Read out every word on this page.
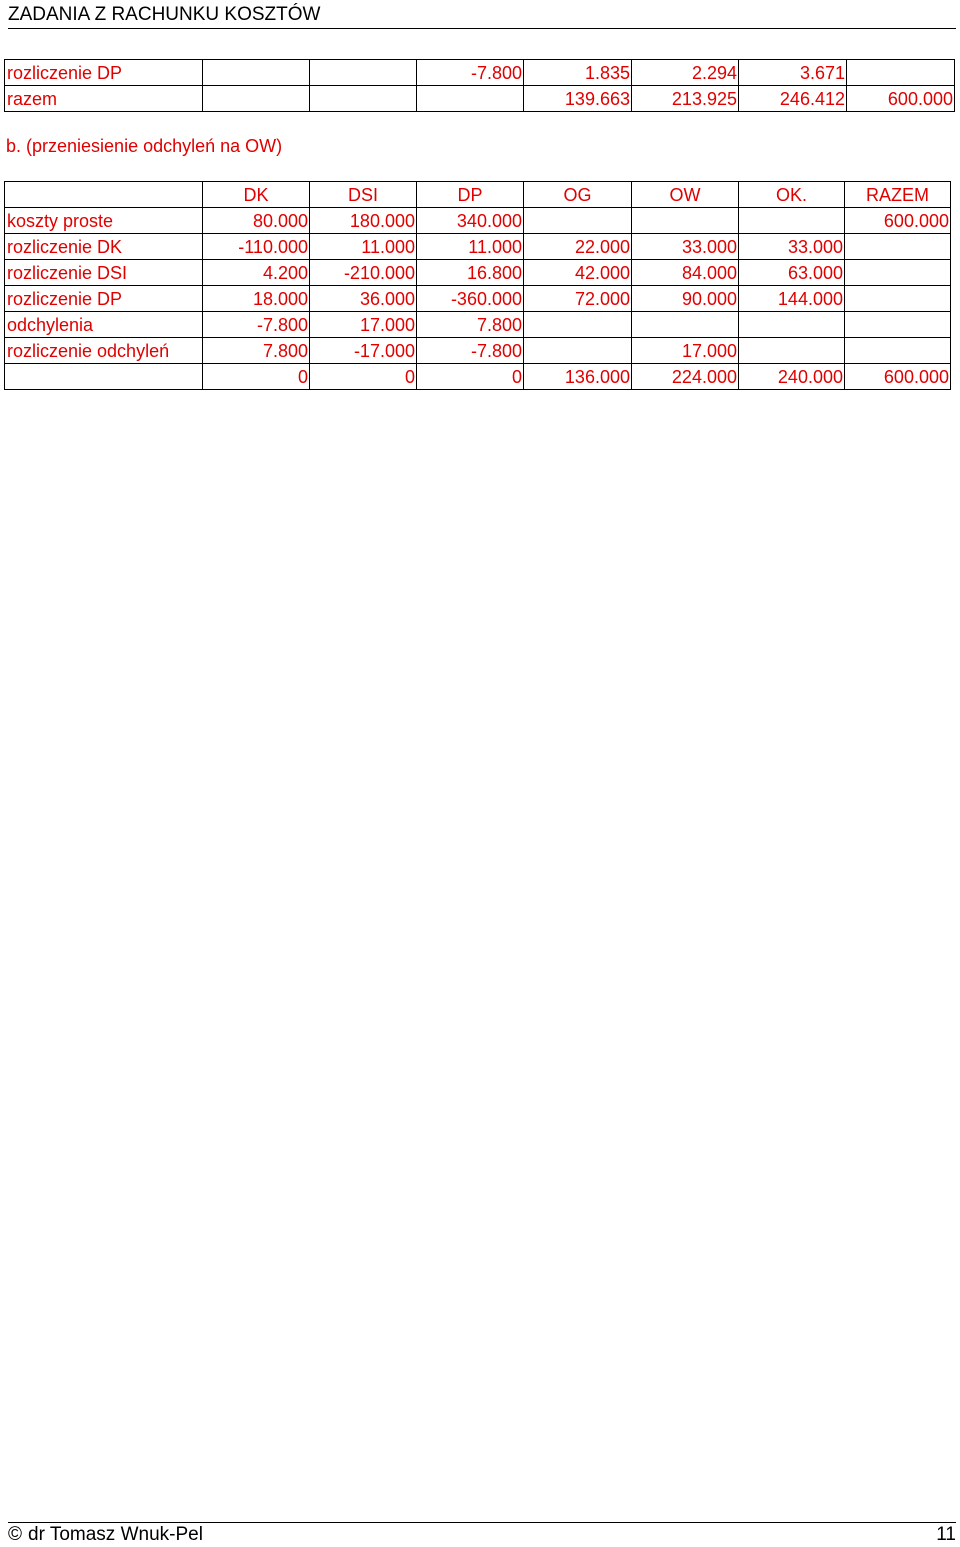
ZADANIA Z RACHUNKU KOSZTÓW
rozliczenie DP			-7.800	1.835	2.294	3.671	
razem				139.663	213.925	246.412	600.000
b. (przeniesienie odchyleń na OW)
	DK	DSI	DP	OG	OW	OK.	RAZEM
koszty proste	80.000	180.000	340.000				600.000
rozliczenie DK	-110.000	11.000	11.000	22.000	33.000	33.000	
rozliczenie DSI	4.200	-210.000	16.800	42.000	84.000	63.000	
rozliczenie DP	18.000	36.000	-360.000	72.000	90.000	144.000	
odchylenia	-7.800	17.000	7.800				
rozliczenie odchyleń	7.800	-17.000	-7.800		17.000		
	0	0	0	136.000	224.000	240.000	600.000
© dr Tomasz Wnuk-Pel	11
